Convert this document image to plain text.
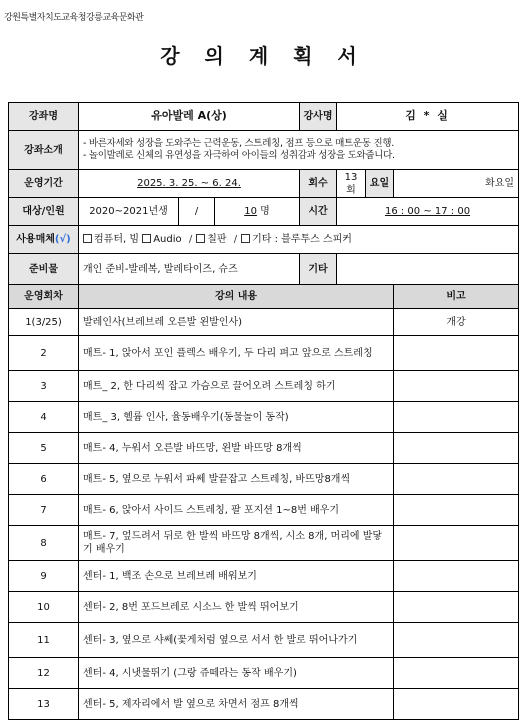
강원특별자치도교육청강릉교육문화관
강 의 계 획 서
강좌명	유아발레 A(상)			강사명	김 * 실		
강좌소개	- 바른자세와 성장을 도와주는 근력운동, 스트레칭, 점프 등으로 매트운동 진행.
- 놀이발레로 신체의 유연성을 자극하여 아이들의 성취감과 성장을 도와줍니다.						

운영기간	2025. 3. 25. ~ 6. 24.			회수	13회	요일	화요일
대상/인원	2020~2021년생	/	10 명	시간	16 : 00 ~ 17 : 00		
사용매체(√)	컴퓨터, 빔 Audio / 칠판 / 기타 : 블루투스 스피커						
준비물	개인 준비-발레복, 발레타이즈, 슈즈			기타			
운영회차	강의 내용						비고
1(3/25)	발레인사(브레브레 오른발 왼발인사)						개강
2	매트- 1, 앉아서 포인 플렉스 배우기, 두 다리 펴고 앞으로 스트레칭						
3	매트_ 2, 한 다리씩 잡고 가슴으로 끌어오려 스트레칭 하기						
4	매트_ 3, 헬륨 인사, 율동배우기(동물놀이 동작)						
5	매트- 4, 누워서 오른발 바뜨망, 왼발 바뜨망 8개씩						
6	매트- 5, 옆으로 누워서 파쎄 발끝잡고 스트레칭, 바뜨망8개씩						
7	매트- 6, 앉아서 사이드 스트레칭, 팔 포지션 1~8번 배우기						
8	매트- 7, 엎드려서 뒤로 한 발씩 바뜨망 8개씩, 시소 8개, 머리에 발닿기 배우기						
9	센터- 1, 백조 손으로 브레브레 배워보기						
10	센터- 2, 8번 포드브레로 시소느 한 발씩 뛰어보기						
11	센터- 3, 옆으로 샤쎄(꽃게처럼 옆으로 서서 한 발로 뛰어나가기						
12	센터- 4, 시냇물뛰기 (그랑 쥬떼라는 동작 배우기)						
13	센터- 5, 제자리에서 발 옆으로 차면서 점프 8개씩						
